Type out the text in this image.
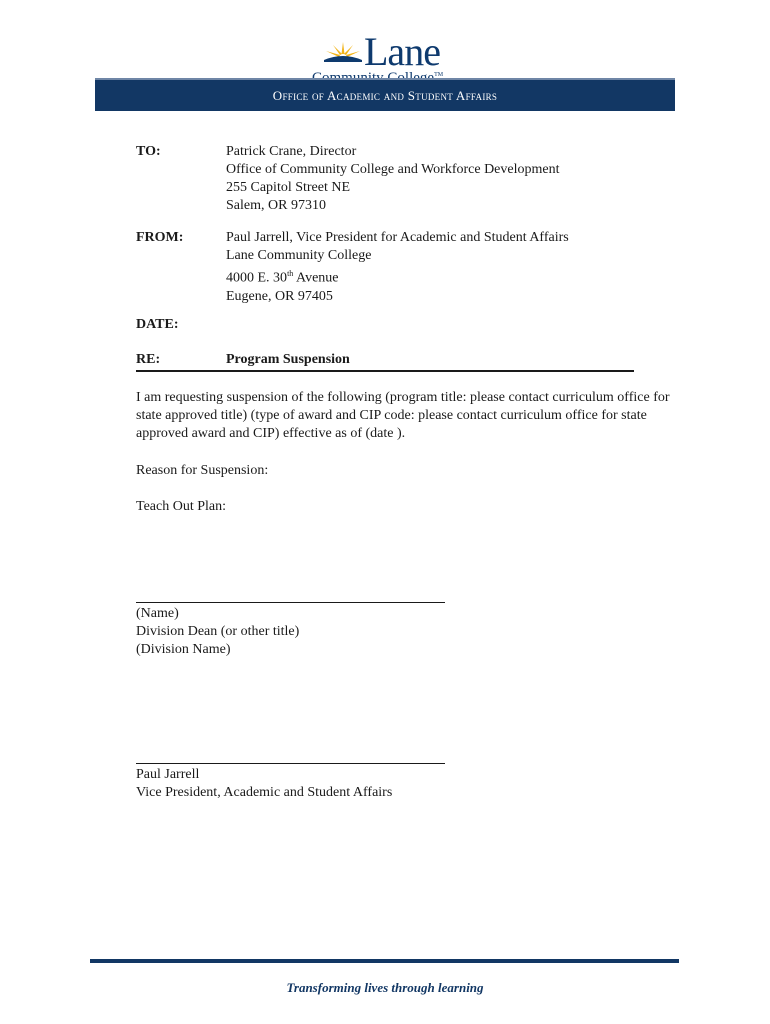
Lane
™
Office of Academic and Student Affairs
TO:	Patrick Crane, Director
Office of Community College and Workforce Development
255 Capitol Street NE
Salem, OR 97310
FROM:	Paul Jarrell, Vice President for Academic and Student Affairs
Lane Community College
4000 E. 30th Avenue
Eugene, OR 97405
DATE:
RE:	Program Suspension
I am requesting suspension of the following (program title: please contact curriculum office for state approved title) (type of award and CIP code: please contact curriculum office for state approved award and CIP) effective as of (date ).
Reason for Suspension:
Teach Out Plan:
(Name)
Division Dean (or other title)
(Division Name)
Paul Jarrell
Vice President, Academic and Student Affairs
Transforming lives through learning
